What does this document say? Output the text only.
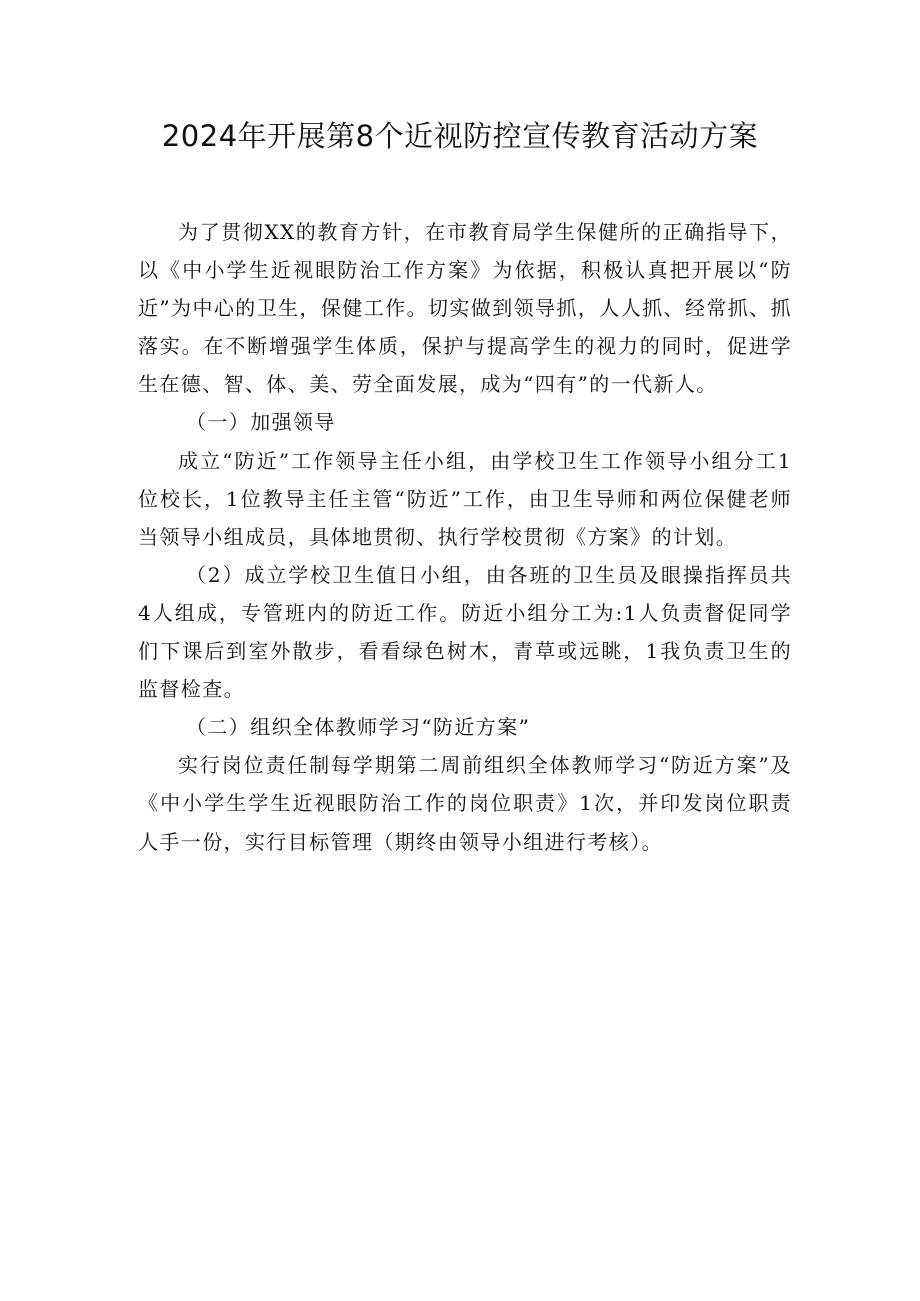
2024年开展第8个近视防控宣传教育活动方案

为了贯彻XX的教育方针，在市教育局学生保健所的正确指导下，以《中小学生近视眼防治工作方案》为依据，积极认真把开展以“防近”为中心的卫生，保健工作。切实做到领导抓，人人抓、经常抓、抓落实。在不断增强学生体质，保护与提高学生的视力的同时，促进学生在德、智、体、美、劳全面发展，成为“四有”的一代新人。

（一）加强领导

成立“防近”工作领导主任小组，由学校卫生工作领导小组分工1位校长，1位教导主任主管“防近”工作，由卫生导师和两位保健老师当领导小组成员，具体地贯彻、执行学校贯彻《方案》的计划。

（2）成立学校卫生值日小组，由各班的卫生员及眼操指挥员共4人组成，专管班内的防近工作。防近小组分工为:1人负责督促同学们下课后到室外散步，看看绿色树木，青草或远眺，1我负责卫生的监督检查。

（二）组织全体教师学习“防近方案”

实行岗位责任制每学期第二周前组织全体教师学习“防近方案”及《中小学生学生近视眼防治工作的岗位职责》1次，并印发岗位职责人手一份，实行目标管理（期终由领导小组进行考核）。
